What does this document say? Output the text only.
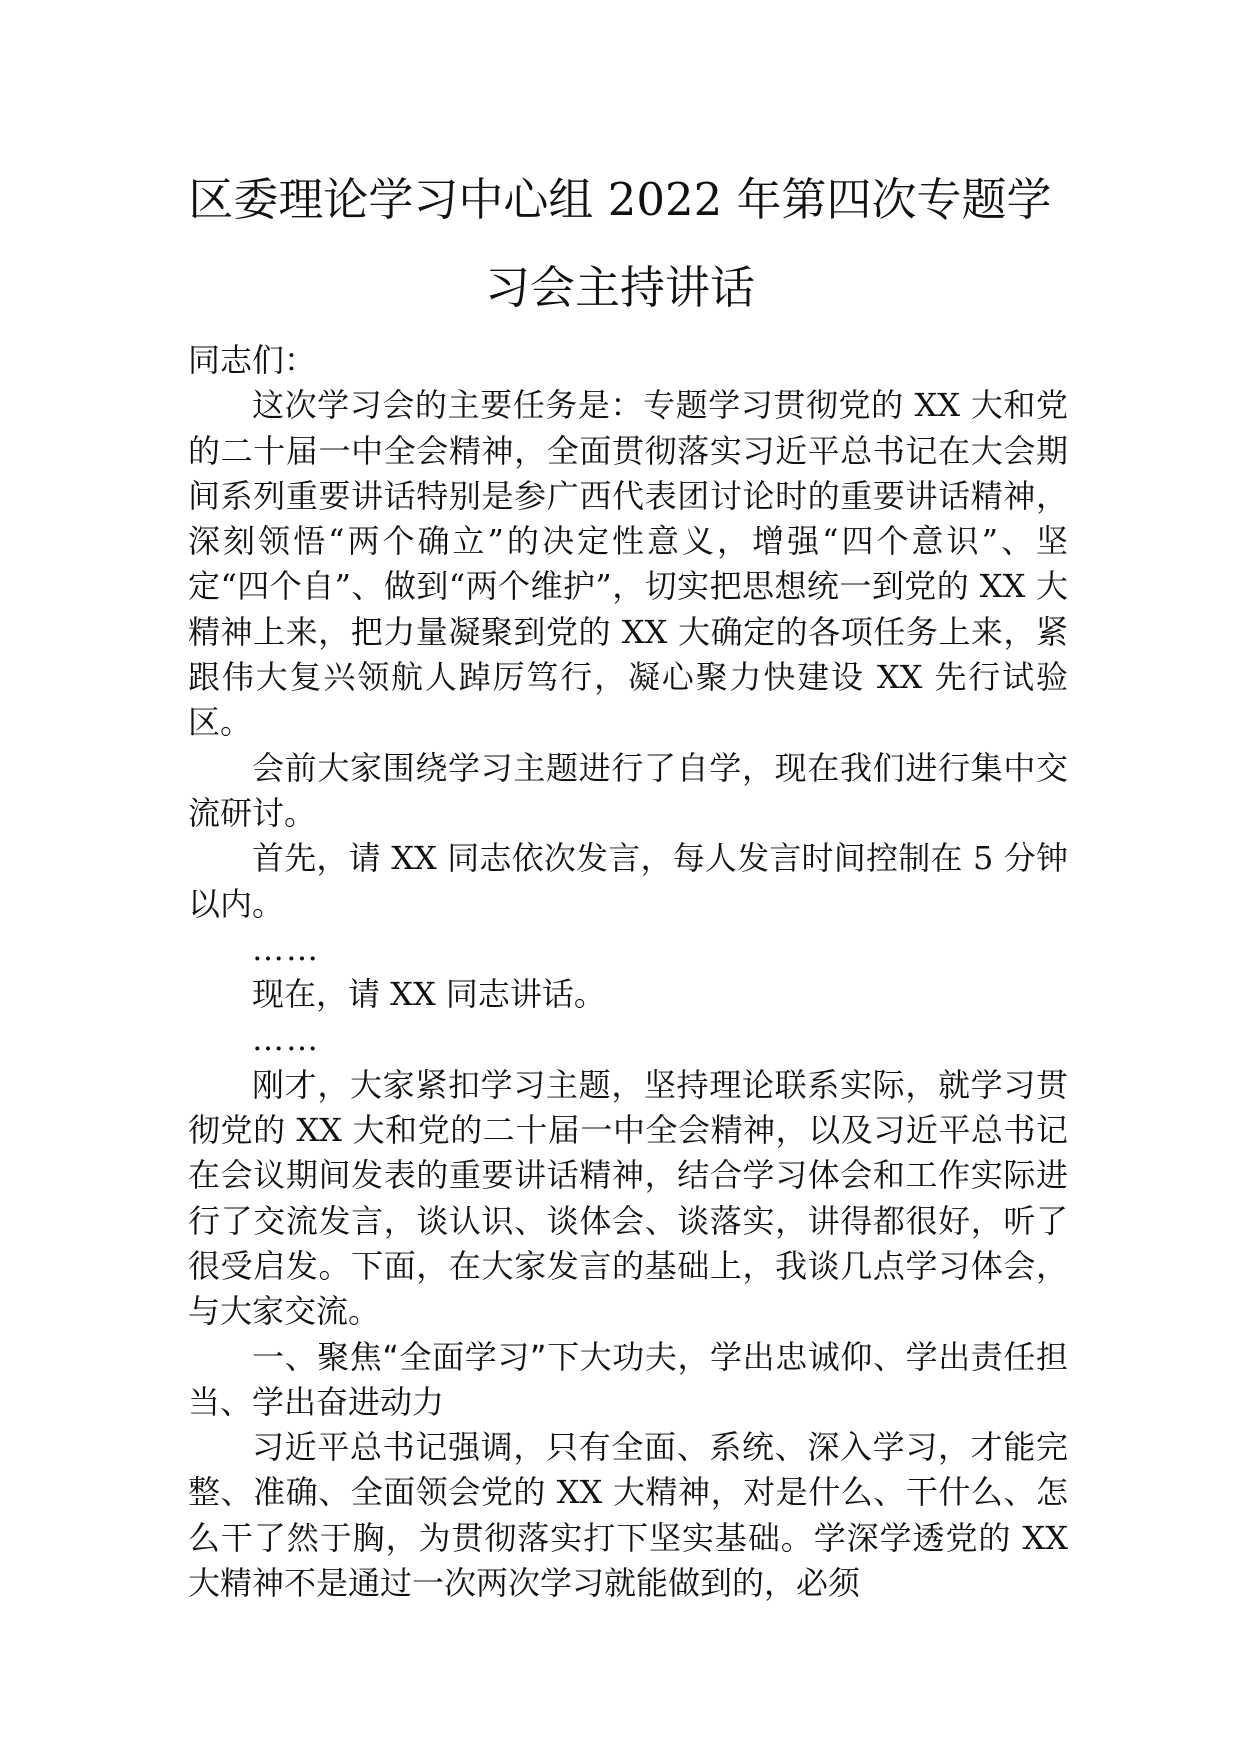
区委理论学习中心组 2022 年第四次专题学
习会主持讲话

同志们：

这次学习会的主要任务是：专题学习贯彻党的 XX 大和党的二十届一中全会精神，全面贯彻落实习近平总书记在大会期间系列重要讲话特别是参广西代表团讨论时的重要讲话精神，深刻领悟“两个确立”的决定性意义，增强“四个意识”、坚定“四个自”、做到“两个维护”，切实把思想统一到党的 XX 大精神上来，把力量凝聚到党的 XX 大确定的各项任务上来，紧跟伟大复兴领航人踔厉笃行，凝心聚力快建设 XX 先行试验区。

会前大家围绕学习主题进行了自学，现在我们进行集中交流研讨。

首先，请 XX 同志依次发言，每人发言时间控制在 5 分钟以内。

……

现在，请 XX 同志讲话。

……

刚才，大家紧扣学习主题，坚持理论联系实际，就学习贯彻党的 XX 大和党的二十届一中全会精神，以及习近平总书记在会议期间发表的重要讲话精神，结合学习体会和工作实际进行了交流发言，谈认识、谈体会、谈落实，讲得都很好，听了很受启发。下面，在大家发言的基础上，我谈几点学习体会，与大家交流。

一、聚焦“全面学习”下大功夫，学出忠诚仰、学出责任担当、学出奋进动力

习近平总书记强调，只有全面、系统、深入学习，才能完整、准确、全面领会党的 XX 大精神，对是什么、干什么、怎么干了然于胸，为贯彻落实打下坚实基础。学深学透党的 XX 大精神不是通过一次两次学习就能做到的，必须
